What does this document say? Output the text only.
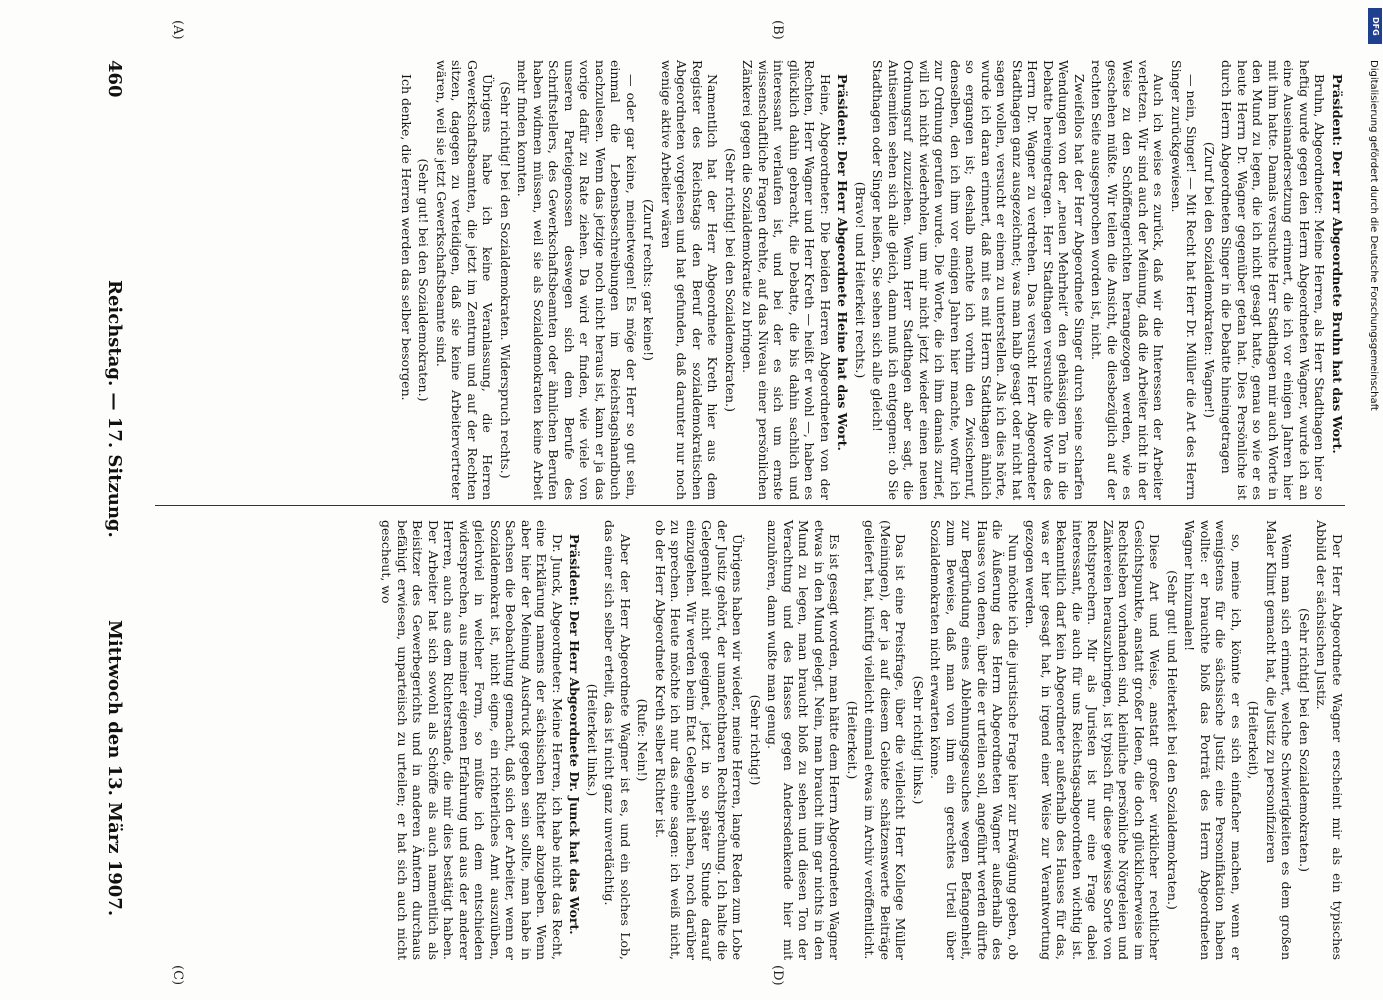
460
Reichstag. — 17. Sitzung.
Mittwoch den 13. März 1907.

Präsident: Der Herr Abgeordnete Bruhn hat das Wort.

Bruhn, Abgeordneter: Meine Herren, als Herr Stadthagen hier so heftig wurde gegen den Herrn Abgeordneten Wagner, wurde ich an eine Auseinandersetzung erinnert, die ich vor einigen Jahren hier mit ihm hatte. Damals versuchte Herr Stadthagen mir auch Worte in den Mund zu legen, die ich nicht gesagt hatte, genau so wie er es heute Herrn Dr. Wagner gegenüber getan hat. Dies Persönliche ist durch Herrn Abgeordneten Singer in die Debatte hineingetragen

(Zuruf bei den Sozialdemokraten: Wagner!)

— nein, Singer! — Mit Recht hat Herr Dr. Müller die Art des Herrn Singer zurückgewiesen.

Auch ich weise es zurück, daß wir die Interessen der Arbeiter verletzen. Wir sind auch der Meinung, daß die Arbeiter nicht in der Weise zu den Schöffengerichten herangezogen werden, wie es geschehen müßte. Wir teilen die Ansicht, die diesbezüglich auf der rechten Seite ausgesprochen worden ist, nicht.

Zweifellos hat der Herr Abgeordnete Singer durch seine scharfen Wendungen von der „neuen Mehrheit“ den gehässigen Ton in die Debatte hereingetragen. Herr Stadthagen versuchte die Worte des Herrn Dr. Wagner zu verdrehen. Das versucht Herr Abgeordneter Stadthagen ganz ausgezeichnet; was man halb gesagt oder nicht hat sagen wollen, versucht er einem zu unterstellen. Als ich dies hörte, wurde ich daran erinnert, daß mit es mit Herrn Stadthagen ähnlich so ergangen ist; deshalb machte ich vorhin den Zwischenruf, denselben, den ich ihm vor einigen Jahren hier machte, wofür ich zur Ordnung gerufen wurde. Die Worte, die ich ihm damals zurief, will ich nicht wiederholen, um mir nicht jetzt wieder einen neuen Ordnungsruf zuzuziehen. Wenn Herr Stadthagen aber sagt, die Antisemiten sehen sich alle gleich, dann muß ich entgegnen: ob Sie Stadthagen oder Singer heißen, Sie sehen sich alle gleich!

(Bravo! und Heiterkeit rechts.)

Präsident: Der Herr Abgeordnete Heine hat das Wort.

Heine, Abgeordneter: Die beiden Herren Abgeordneten von der Rechten, Herr Wagner und Herr Kreth — heißt er wohl —, haben es glücklich dahin gebracht, die Debatte, die bis dahin sachlich und interessant verlaufen ist, und bei der es sich um ernste wissenschaftliche Fragen drehte, auf das Niveau einer persönlichen Zänkerei gegen die Sozialdemokratie zu bringen.

(Sehr richtig! bei den Sozialdemokraten.)

Namentlich hat der Herr Abgeordnete Kreth hier aus dem Register des Reichstags den Beruf der sozialdemokratischen Abgeordneten vorgelesen und hat gefunden, daß darunter nur noch wenige aktive Arbeiter wären

(Zuruf rechts: gar keine!)

— oder gar keine, meinetwegen! Es möge der Herr so gut sein, einmal die Lebensbeschreibungen im Reichstagshandbuch nachzulesen. Wenn das jetzige noch nicht heraus ist, kann er ja das vorige dafür zu Rate ziehen. Da wird er finden, wie viele von unseren Parteigenossen deswegen sich dem Berufe des Schriftstellers, des Gewerkschaftsbeamten oder ähnlichen Berufen haben widmen müssen, weil sie als Sozialdemokraten keine Arbeit mehr finden konnten.

(Sehr richtig! bei den Sozialdemokraten. Widerspruch rechts.)

Übrigens habe ich keine Veranlassung, die Herren Gewerkschaftsbeamten, die jetzt im Zentrum und auf der Rechten sitzen, dagegen zu verteidigen, daß sie keine Arbeitervertreter wären, weil sie jetzt Gewerkschaftsbeamte sind.

(Sehr gut! bei den Sozialdemokraten.)

Ich denke, die Herren werden das selber besorgen.

Der Herr Abgeordnete Wagner erscheint mir als ein typisches Abbild der sächsischen Justiz.

(Sehr richtig! bei den Sozialdemokraten.)

Wenn man sich erinnert, welche Schwierigkeiten es dem großen Maler Klimt gemacht hat, die Justiz zu personifizieren

(Heiterkeit),

so, meine ich, könnte er es sich einfacher machen, wenn er wenigstens für die sächsische Justiz eine Personifikation haben wollte: er brauchte bloß das Porträt des Herrn Abgeordneten Wagner hinzumalen!

(Sehr gut! und Heiterkeit bei den Sozialdemokraten.)

Diese Art und Weise, anstatt großer wirklicher rechtlicher Gesichtspunkte, anstatt großer Ideen, die doch glücklicherweise im Rechtsleben vorhanden sind, kleinliche persönliche Nörgeleien und Zänkereien herauszubringen, ist typisch für diese gewisse Sorte von Rechtsprechern. Mir als Juristen ist nur eine Frage dabei interessant, die auch für uns Reichstagsabgeordneten wichtig ist. Bekanntlich darf kein Abgeordneter außerhalb des Hauses für das, was er hier gesagt hat, in irgend einer Weise zur Verantwortung gezogen werden.

Nun möchte ich die juristische Frage hier zur Erwägung geben, ob die Äußerung des Herrn Abgeordneten Wagner außerhalb des Hauses von denen, über die er urteilen soll, angeführt werden dürfte zur Begründung eines Ablehnungsgesuches wegen Befangenheit, zum Beweise, daß man von ihm ein gerechtes Urteil über Sozialdemokraten nicht erwarten könne.

(Sehr richtig! links.)

Das ist eine Preisfrage, über die vielleicht Herr Kollege Müller (Meiningen), der ja auf diesem Gebiete schätzenswerte Beiträge geliefert hat, künftig vielleicht einmal etwas im Archiv veröffentlicht.

(Heiterkeit.)

Es ist gesagt worden, man hätte dem Herrn Abgeordneten Wagner etwas in den Mund gelegt. Nein, man braucht ihm gar nichts in den Mund zu legen, man braucht bloß zu sehen und diesen Ton der Verachtung und des Hasses gegen Andersdenkende hier mit anzuhören, dann wußte man genug.

(Sehr richtig!)

Übrigens haben wir wieder, meine Herren, lange Reden zum Lobe der Justiz gehört, der unanfechtbaren Rechtsprechung. Ich halte die Gelegenheit nicht geeignet, jetzt in so später Stunde darauf einzugehen. Wir werden beim Etat Gelegenheit haben, noch darüber zu sprechen. Heute möchte ich nur das eine sagen: ich weiß nicht, ob der Herr Abgeordnete Kreth selber Richter ist.

(Rufe: Nein!)

Aber der Herr Abgeordnete Wagner ist es, und ein solches Lob, das einer sich selber erteilt, das ist nicht ganz unverdächtig.

(Heiterkeit links.)

Präsident: Der Herr Abgeordnete Dr. Junck hat das Wort.

Dr. Junck, Abgeordneter: Meine Herren, ich habe nicht das Recht, eine Erklärung namens der sächsischen Richter abzugeben. Wenn aber hier der Meinung Ausdruck gegeben sein sollte, man habe in Sachsen die Beobachtung gemacht, daß sich der Arbeiter, wenn er Sozialdemokrat ist, nicht eigne, ein richterliches Amt auszuüben, gleichviel in welcher Form, so müßte ich dem entschieden widersprechen, aus meiner eigenen Erfahrung und aus der anderer Herren, auch aus dem Richterstande, die mir dies bestätigt haben. Der Arbeiter hat sich sowohl als Schöffe als auch namentlich als Beisitzer des Gewerbegerichts und in anderen Ämtern durchaus befähigt erwiesen, unparteiisch zu urteilen; er hat sich auch nicht gescheut, wo

(A)	(B)
(C)	(D)
DFG
Digitalisierung gefördert durch die Deutsche Forschungsgemeinschaft
